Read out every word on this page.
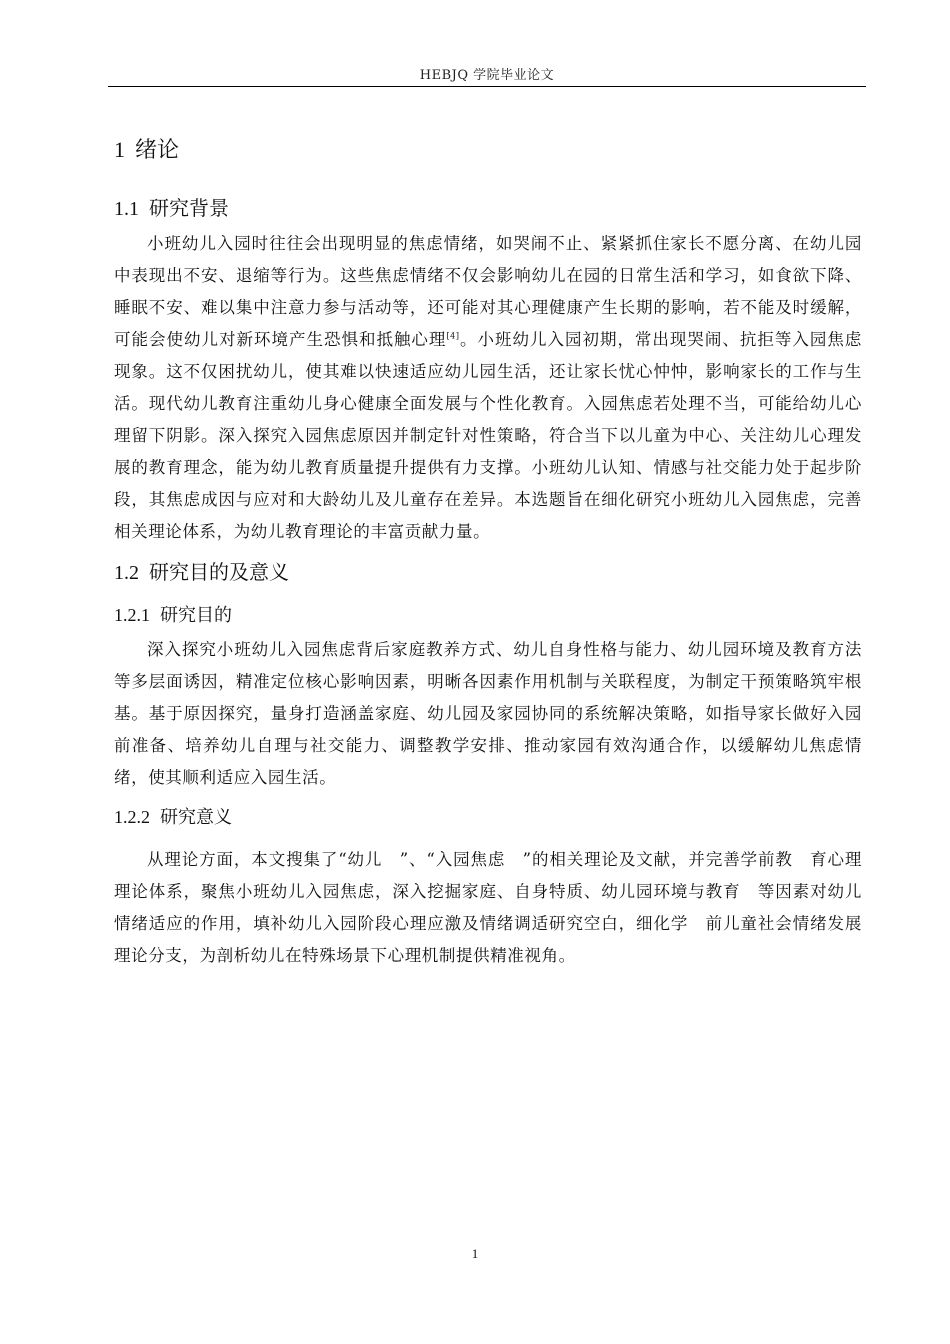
HEBJQ 学院毕业论文
1 绪论
1.1 研究背景

小班幼儿入园时往往会出现明显的焦虑情绪，如哭闹不止、紧紧抓住家长不愿分离、在幼儿园中表现出不安、退缩等行为。这些焦虑情绪不仅会影响幼儿在园的日常生活和学习，如食欲下降、睡眠不安、难以集中注意力参与活动等，还可能对其心理健康产生长期的影响，若不能及时缓解，可能会使幼儿对新环境产生恐惧和抵触心理[4]。小班幼儿入园初期，常出现哭闹、抗拒等入园焦虑现象。这不仅困扰幼儿，使其难以快速适应幼儿园生活，还让家长忧心忡忡，影响家长的工作与生活。现代幼儿教育注重幼儿身心健康全面发展与个性化教育。入园焦虑若处理不当，可能给幼儿心理留下阴影。深入探究入园焦虑原因并制定针对性策略，符合当下以儿童为中心、关注幼儿心理发展的教育理念，能为幼儿教育质量提升提供有力支撑。小班幼儿认知、情感与社交能力处于起步阶段，其焦虑成因与应对和大龄幼儿及儿童存在差异。本选题旨在细化研究小班幼儿入园焦虑，完善相关理论体系，为幼儿教育理论的丰富贡献力量。

1.2 研究目的及意义
1.2.1 研究目的

深入探究小班幼儿入园焦虑背后家庭教养方式、幼儿自身性格与能力、幼儿园环境及教育方法等多层面诱因，精准定位核心影响因素，明晰各因素作用机制与关联程度，为制定干预策略筑牢根基。基于原因探究，量身打造涵盖家庭、幼儿园及家园协同的系统解决策略，如指导家长做好入园前准备、培养幼儿自理与社交能力、调整教学安排、推动家园有效沟通合作，以缓解幼儿焦虑情绪，使其顺利适应入园生活。

1.2.2 研究意义

从理论方面，本文搜集了“幼儿　”、“入园焦虑　”的相关理论及文献，并完善学前教　育心理理论体系，聚焦小班幼儿入园焦虑，深入挖掘家庭、自身特质、幼儿园环境与教育　等因素对幼儿情绪适应的作用，填补幼儿入园阶段心理应激及情绪调适研究空白，细化学　前儿童社会情绪发展理论分支，为剖析幼儿在特殊场景下心理机制提供精准视角。

1
